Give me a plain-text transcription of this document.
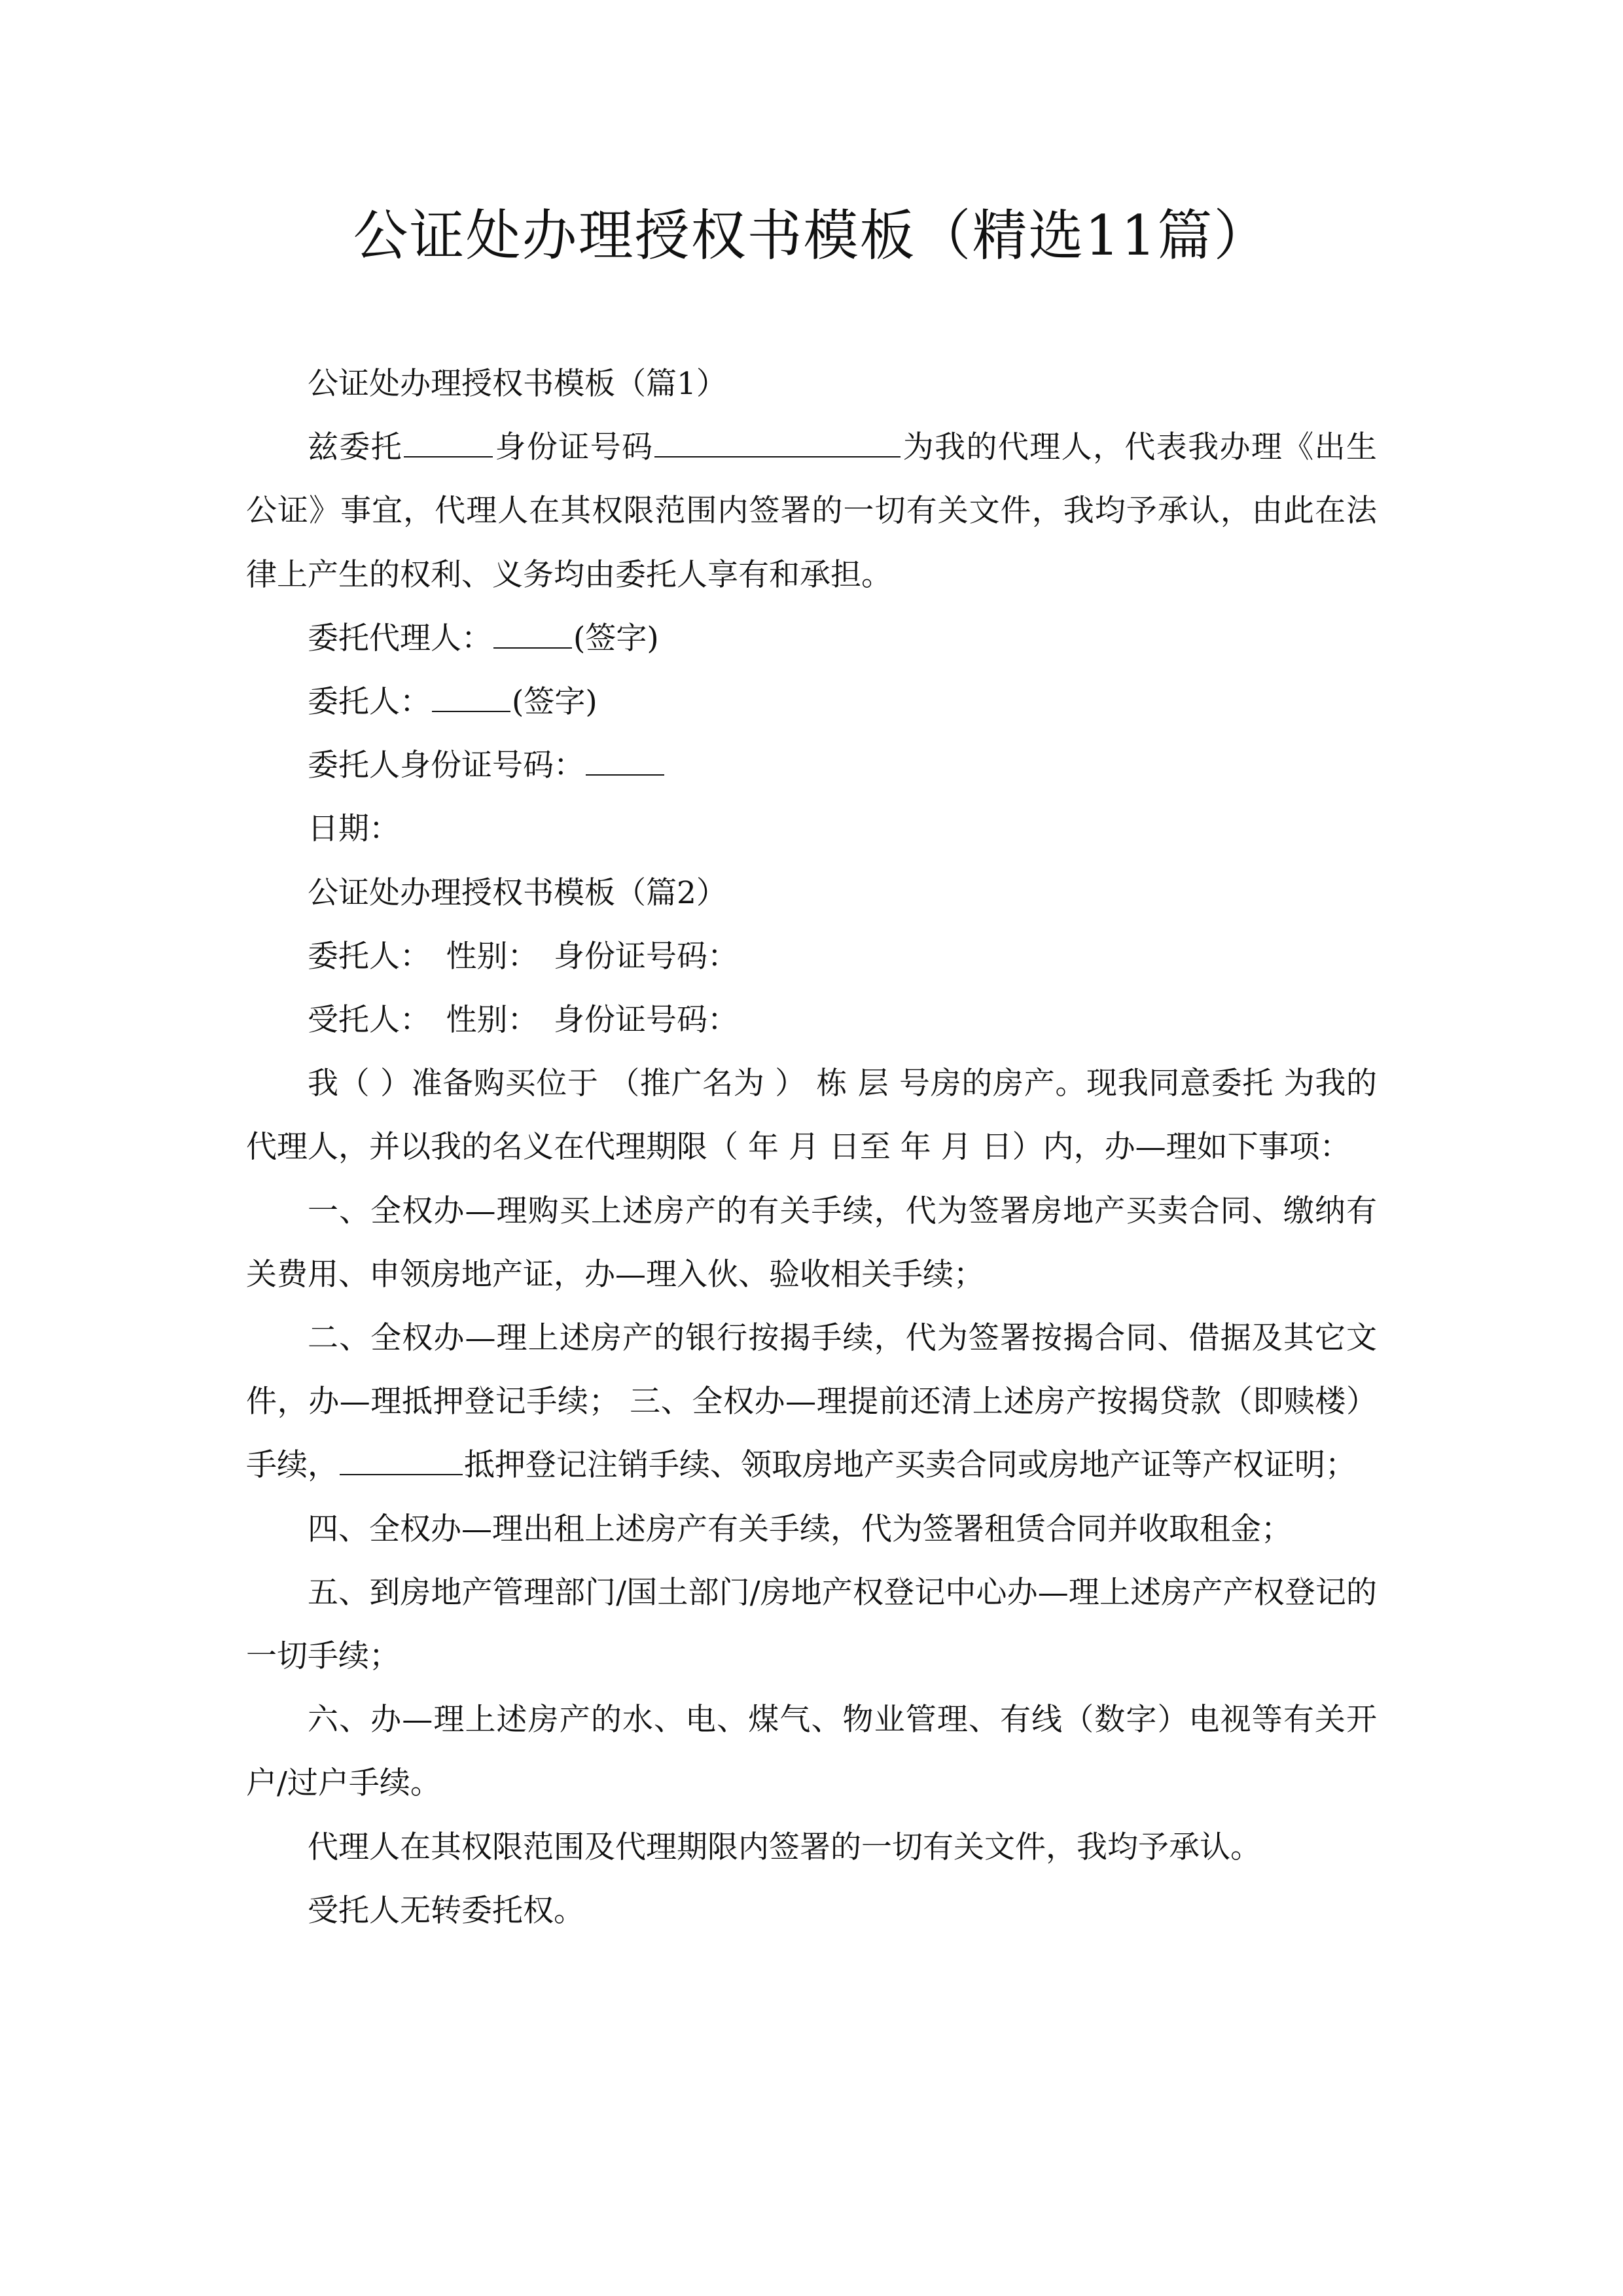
公证处办理授权书模板（精选11篇）

公证处办理授权书模板（篇1）

兹委托	身份证号码	为我的代理人，代表我办理《出生公证》事宜，代理人在其权限范围内签署的一切有关文件，我均予承认，由此在法律上产生的权利、义务均由委托人享有和承担。

委托代理人：	(签字)

委托人：	(签字)

委托人身份证号码：

日期：

公证处办理授权书模板（篇2）

委托人：　性别：　身份证号码：

受托人：　性别：　身份证号码：

我（ ）准备购买位于 （推广名为 ） 栋 层 号房的房产。现我同意委托 为我的代理人，并以我的名义在代理期限（ 年 月 日至 年 月 日）内，办—理如下事项：

一、全权办—理购买上述房产的有关手续，代为签署房地产买卖合同、缴纳有关费用、申领房地产证，办—理入伙、验收相关手续；

二、全权办—理上述房产的银行按揭手续，代为签署按揭合同、借据及其它文件，办—理抵押登记手续； 三、全权办—理提前还清上述房产按揭贷款（即赎楼）手续，	抵押登记注销手续、领取房地产买卖合同或房地产证等产权证明；

四、全权办—理出租上述房产有关手续，代为签署租赁合同并收取租金；

五、到房地产管理部门/国土部门/房地产权登记中心办—理上述房产产权登记的一切手续；

六、办—理上述房产的水、电、煤气、物业管理、有线（数字）电视等有关开户/过户手续。

代理人在其权限范围及代理期限内签署的一切有关文件，我均予承认。

受托人无转委托权。
